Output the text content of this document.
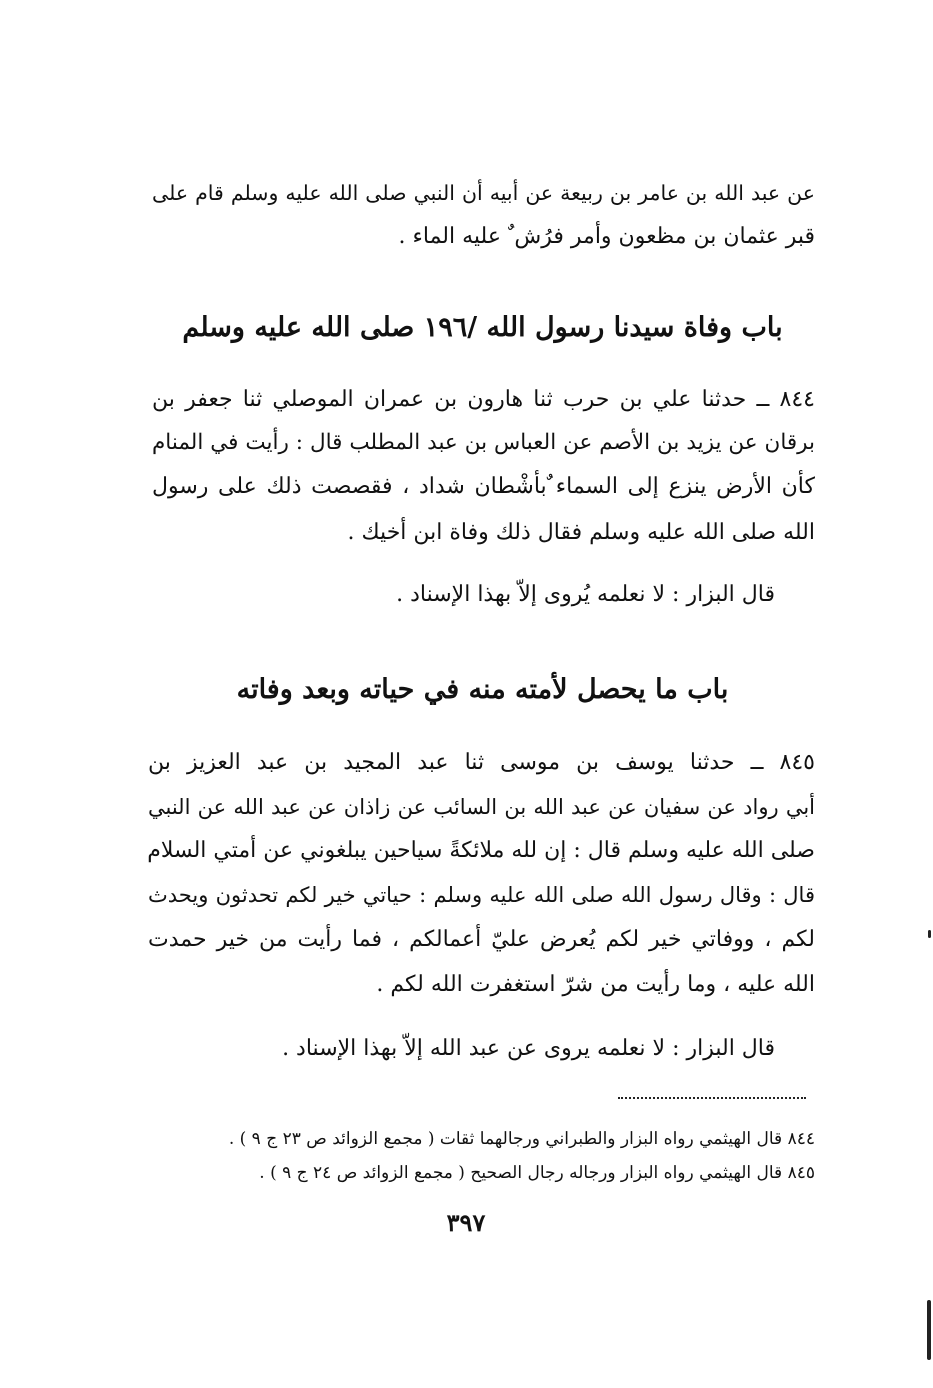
عن عبد الله بن عامر بن ربيعة عن أبيه أن النبي صلى الله عليه وسلم قام على
قبر عثمان بن مظعون وأمر فرُش ٌ عليه الماء .
باب وفاة سيدنا رسول الله /١٩٦ صلى الله عليه وسلم
٨٤٤ ــ حدثنا علي بن حرب ثنا هارون بن عمران الموصلي ثنا جعفر بن
برقان عن يزيد بن الأصم عن العباس بن عبد المطلب قال : رأيت في المنام
كأن الأرض ينزع إلى السماء ٌبأشْطان شداد ، فقصصت ذلك على رسول
الله صلى الله عليه وسلم فقال ذلك وفاة ابن أخيك .
قال البزار : لا نعلمه يُروى إلاّ بهذا الإسناد .
باب ما يحصل لأمته منه في حياته وبعد وفاته
٨٤٥ ــ حدثنا يوسف بن موسى ثنا عبد المجيد بن عبد العزيز بن
أبي رواد عن سفيان عن عبد الله بن السائب عن زاذان عن عبد الله عن النبي
صلى الله عليه وسلم قال : إن لله ملائكةً سياحين يبلغوني عن أمتي السلام
قال : وقال رسول الله صلى الله عليه وسلم : حياتي خير لكم تحدثون ويحدث
لكم ، ووفاتي خير لكم يُعرض عليّ أعمالكم ، فما رأيت من خير حمدت
الله عليه ، وما رأيت من شرّ استغفرت الله لكم .
قال البزار : لا نعلمه يروى عن عبد الله إلاّ بهذا الإسناد .
٨٤٤ قال الهيثمي رواه البزار والطبراني ورجالهما ثقات ( مجمع الزوائد ص ٢٣ ج ٩ ) .
٨٤٥ قال الهيثمي رواه البزار ورجاله رجال الصحيح ( مجمع الزوائد ص ٢٤ ج ٩ ) .
٣٩٧
